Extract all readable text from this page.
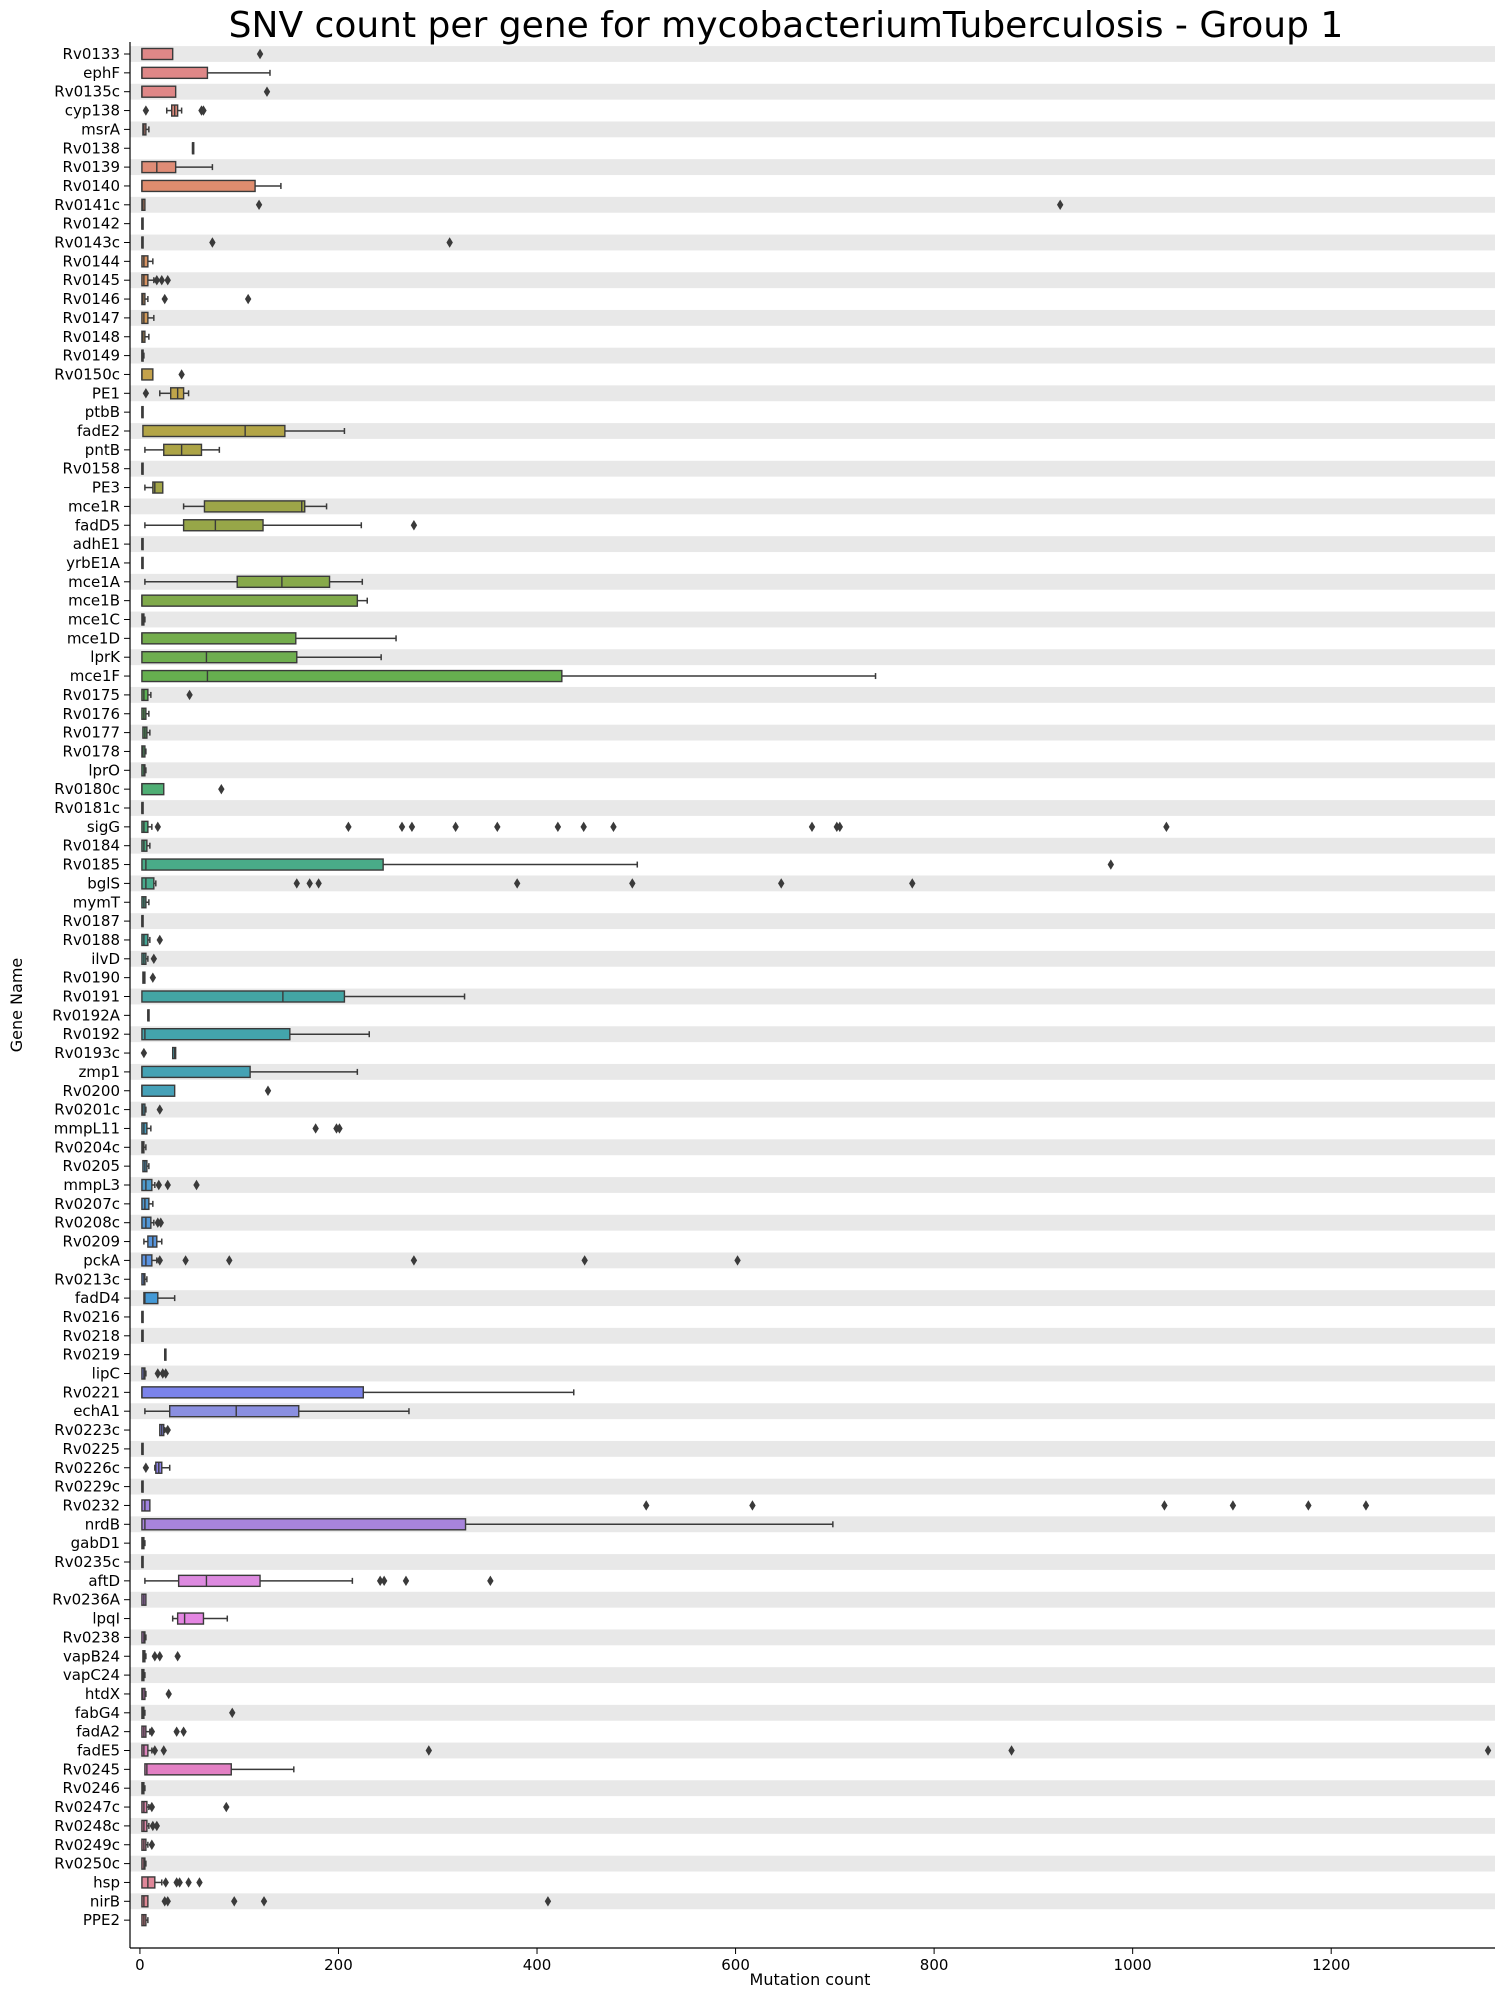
SNV count per gene for mycobacteriumTuberculosis - Group 1
Rv0133
ephF
Rv0135c
cyp138
msrA
Rv0138
Rv0139
Rv0140
Rv0141c
Rv0142
Rv0143c
Rv0144
Rv0145
Rv0146
Rv0147
Rv0148
Rv0149
Rv0150c
PE1
ptbB
fadE2
pntB
Rv0158
PE3
mce1R
fadD5
adhE1
yrbE1A
mce1A
mce1B
mce1C
mce1D
lprK
mce1F
Rv0175
Rv0176
Rv0177
Rv0178
lprO
Rv0180c
Rv0181c
sigG
Rv0184
Rv0185
bglS
mymT
Rv0187
Rv0188
ilvD
Rv0190
Rv0191
Rv0192A
Rv0192
Rv0193c
zmp1
Rv0200
Rv0201c
mmpL11
Rv0204c
Rv0205
mmpL3
Rv0207c
Rv0208c
Rv0209
pckA
Rv0213c
fadD4
Rv0216
Rv0218
Rv0219
lipC
Rv0221
echA1
Rv0223c
Rv0225
Rv0226c
Rv0229c
Rv0232
nrdB
gabD1
Rv0235c
aftD
Rv0236A
lpqI
Rv0238
vapB24
vapC24
htdX
fabG4
fadA2
fadE5
Rv0245
Rv0246
Rv0247c
Rv0248c
Rv0249c
Rv0250c
hsp
nirB
PPE2
0	200	400	600	800	1000	1200
Mutation count
Gene Name
